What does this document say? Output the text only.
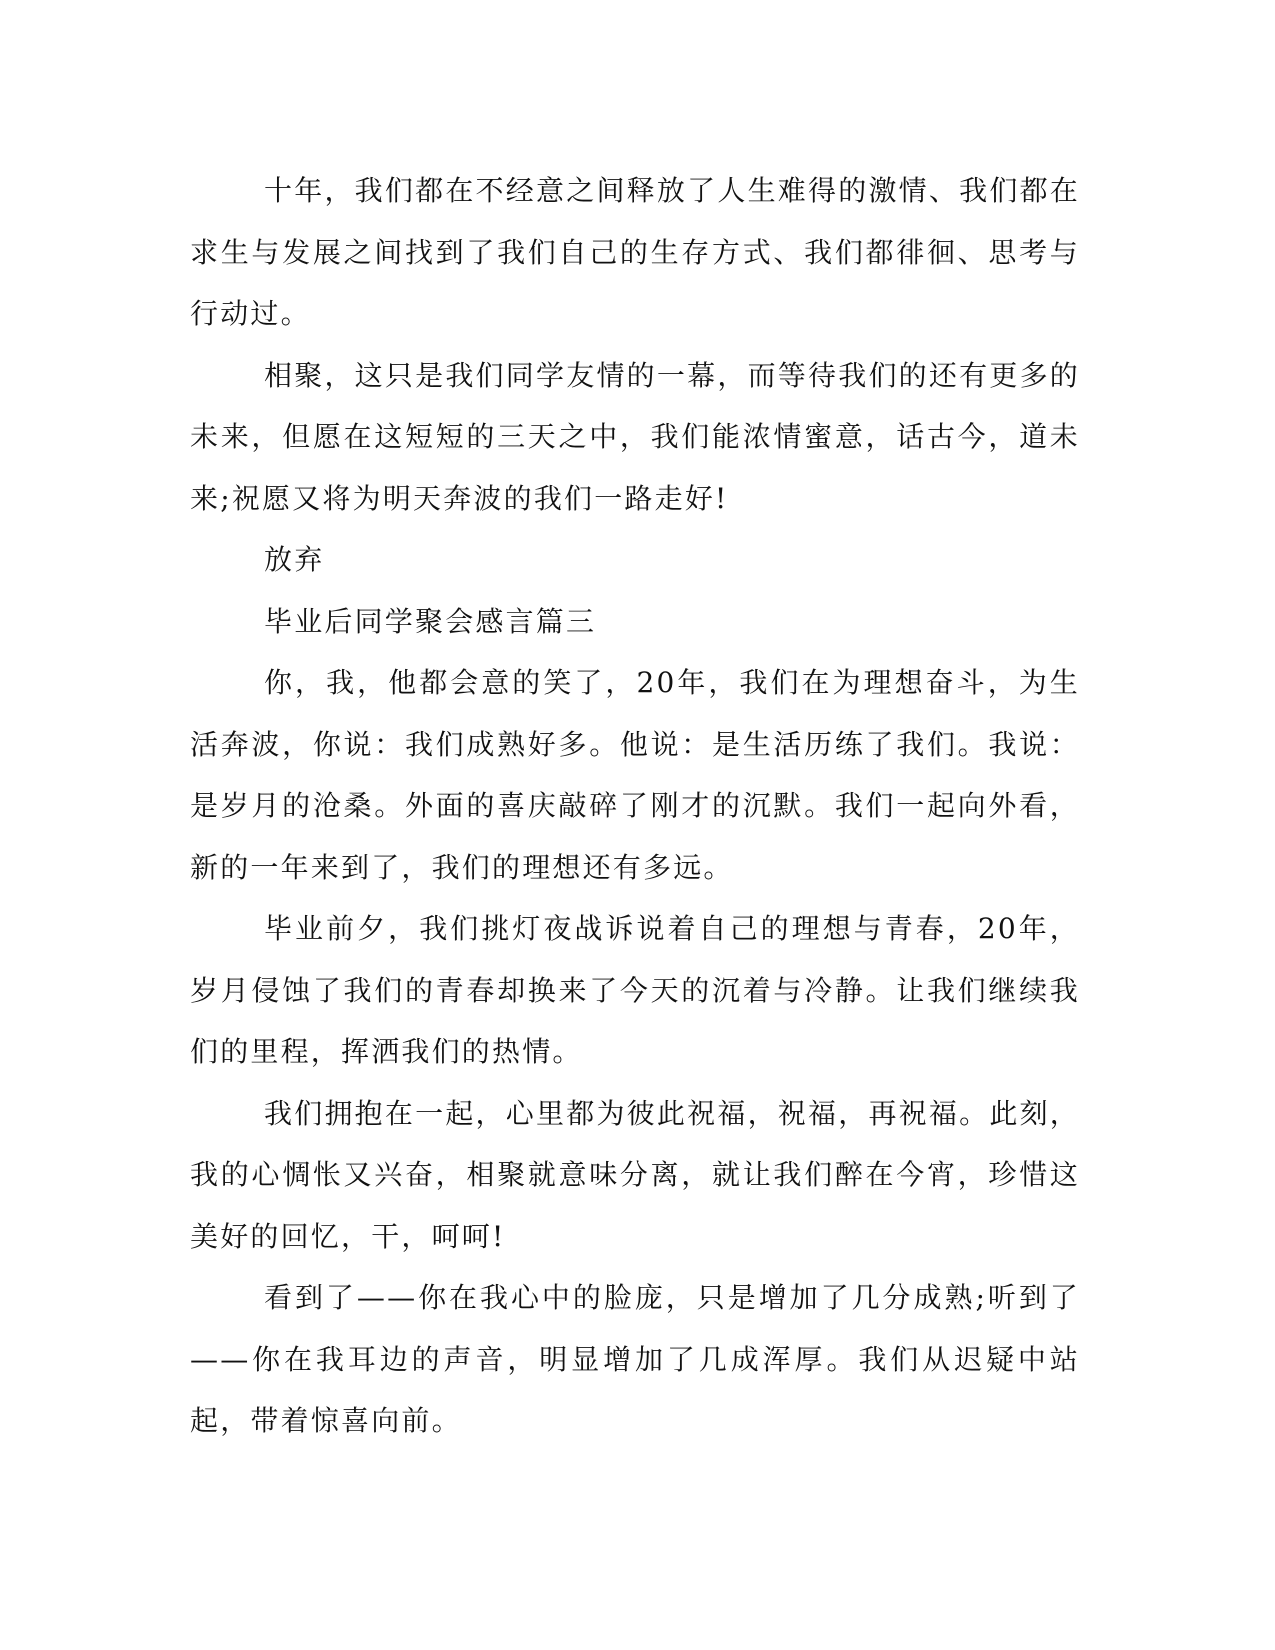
十年，我们都在不经意之间释放了人生难得的激情、我们都在求生与发展之间找到了我们自己的生存方式、我们都徘徊、思考与行动过。

相聚，这只是我们同学友情的一幕，而等待我们的还有更多的未来，但愿在这短短的三天之中，我们能浓情蜜意，话古今，道未来;祝愿又将为明天奔波的我们一路走好!

放弃

毕业后同学聚会感言篇三

你，我，他都会意的笑了，20年，我们在为理想奋斗，为生活奔波，你说：我们成熟好多。他说：是生活历练了我们。我说：是岁月的沧桑。外面的喜庆敲碎了刚才的沉默。我们一起向外看，新的一年来到了，我们的理想还有多远。

毕业前夕，我们挑灯夜战诉说着自己的理想与青春，20年，岁月侵蚀了我们的青春却换来了今天的沉着与冷静。让我们继续我们的里程，挥洒我们的热情。

我们拥抱在一起，心里都为彼此祝福，祝福，再祝福。此刻，我的心惆怅又兴奋，相聚就意味分离，就让我们醉在今宵，珍惜这美好的回忆，干，呵呵!

看到了——你在我心中的脸庞，只是增加了几分成熟;听到了——你在我耳边的声音，明显增加了几成浑厚。我们从迟疑中站起，带着惊喜向前。
